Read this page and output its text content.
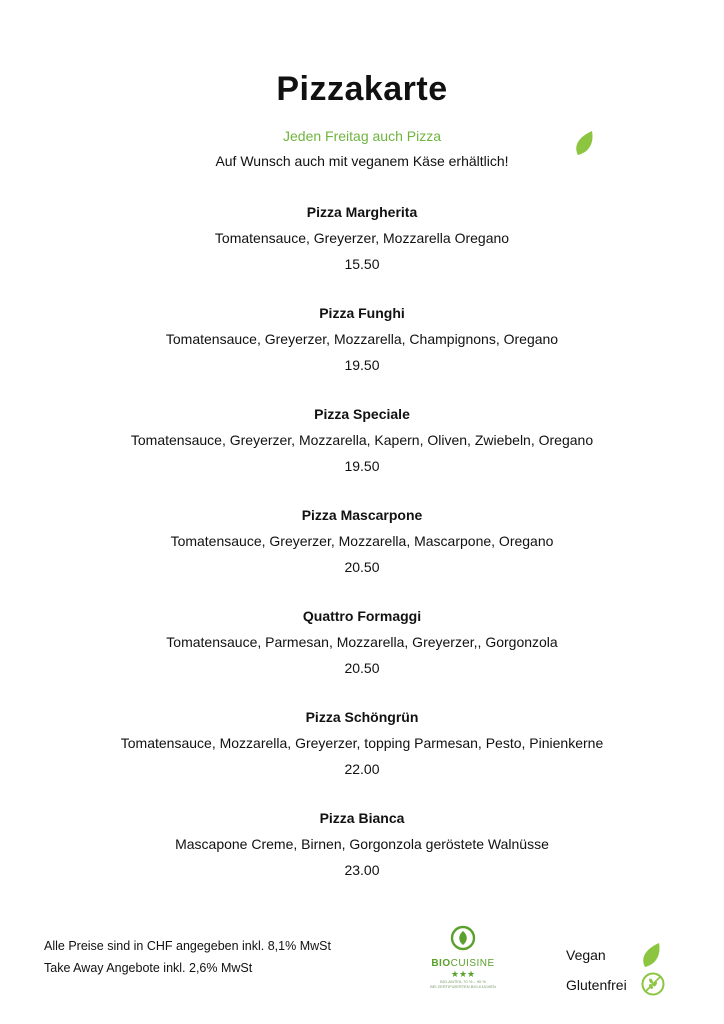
Pizzakarte
Jeden Freitag auch Pizza
Auf Wunsch auch mit veganem Käse erhältlich!
Pizza Margherita
Tomatensauce, Greyerzer, Mozzarella Oregano
15.50
Pizza Funghi
Tomatensauce, Greyerzer, Mozzarella, Champignons, Oregano
19.50
Pizza Speciale
Tomatensauce, Greyerzer, Mozzarella, Kapern, Oliven, Zwiebeln, Oregano
19.50
Pizza Mascarpone
Tomatensauce, Greyerzer, Mozzarella, Mascarpone, Oregano
20.50
Quattro Formaggi
Tomatensauce, Parmesan, Mozzarella, Greyerzer,, Gorgonzola
20.50
Pizza Schöngrün
Tomatensauce, Mozzarella, Greyerzer, topping Parmesan, Pesto, Pinienkerne
22.00
Pizza Bianca
Mascapone Creme, Birnen, Gorgonzola geröstete Walnüsse
23.00
Alle Preise sind in CHF angegeben inkl. 8,1% MwSt
Take Away Angebote inkl. 2,6% MwSt	BIOCUISINE
★★★
BIO-ANTEIL 70 % – 90 %
BEI ZERTIFIZIERTEN BIO-KÜCHEN
Vegan
Glutenfrei
